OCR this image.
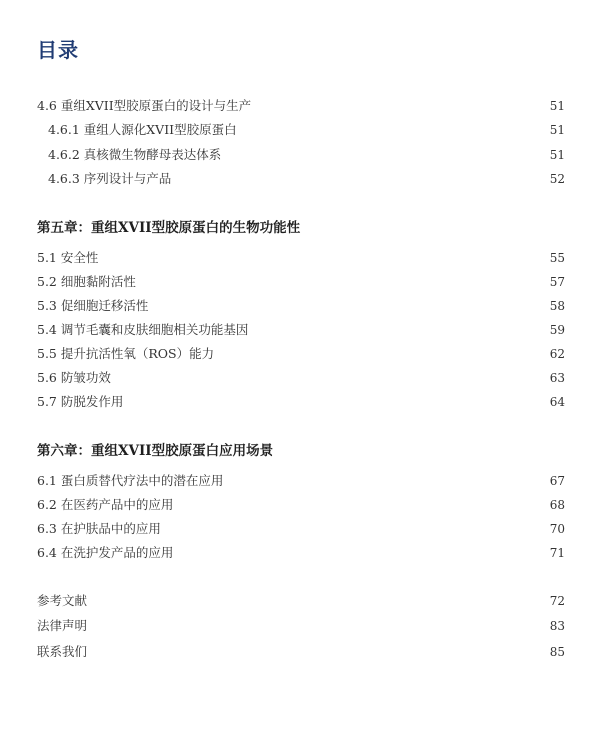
目录
4.6 重组XVII型胶原蛋白的设计与生产	51
4.6.1 重组人源化XVII型胶原蛋白	51
4.6.2 真核微生物酵母表达体系	51
4.6.3 序列设计与产品	52
第五章：重组XVII型胶原蛋白的生物功能性
5.1 安全性	55
5.2 细胞黏附活性	57
5.3 促细胞迁移活性	58
5.4 调节毛囊和皮肤细胞相关功能基因	59
5.5 提升抗活性氧（ROS）能力	62
5.6 防皱功效	63
5.7 防脱发作用	64
第六章：重组XVII型胶原蛋白应用场景
6.1 蛋白质替代疗法中的潜在应用	67
6.2 在医药产品中的应用	68
6.3 在护肤品中的应用	70
6.4 在洗护发产品的应用	71
参考文献	72
法律声明	83
联系我们	85
